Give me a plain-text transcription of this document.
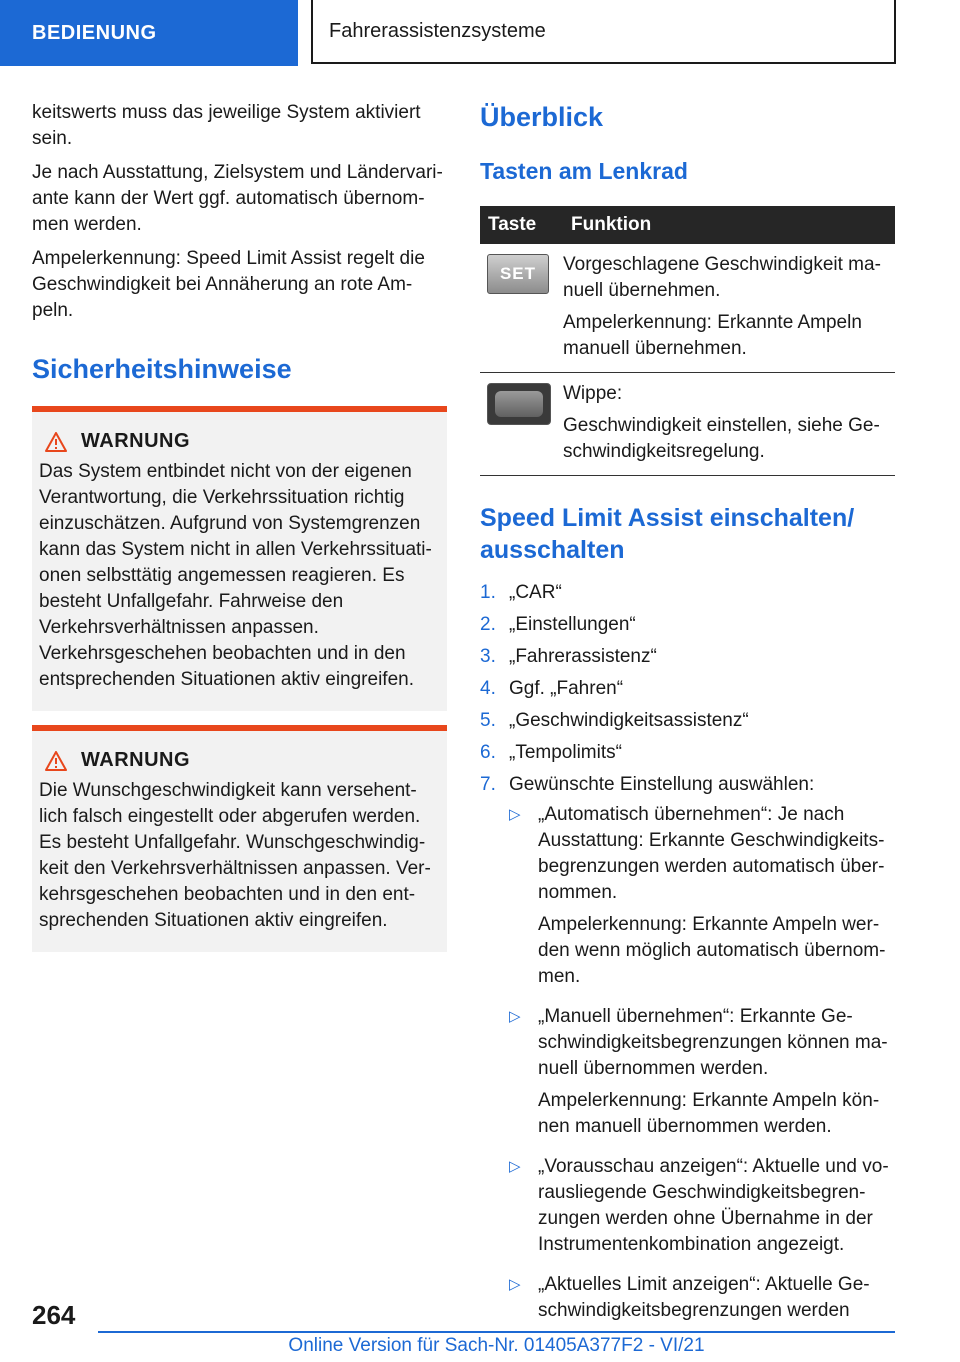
BEDIENUNG	Fahrerassistenzsysteme

keitswerts muss das jeweilige System aktiviert sein.

Je nach Ausstattung, Zielsystem und Ländervariante kann der Wert ggf. automatisch übernommen werden.

Ampelerkennung: Speed Limit Assist regelt die Geschwindigkeit bei Annäherung an rote Ampeln.

Sicherheitshinweise
WARNUNG

Das System entbindet nicht von der eigenen Verantwortung, die Verkehrssituation richtig einzuschätzen. Aufgrund von Systemgrenzen kann das System nicht in allen Verkehrssituationen selbsttätig angemessen reagieren. Es besteht Unfallgefahr. Fahrweise den Verkehrsverhältnissen anpassen. Verkehrsgeschehen beobachten und in den entsprechenden Situationen aktiv eingreifen.

WARNUNG

Die Wunschgeschwindigkeit kann versehentlich falsch eingestellt oder abgerufen werden. Es besteht Unfallgefahr. Wunschgeschwindigkeit den Verkehrsverhältnissen anpassen. Verkehrsgeschehen beobachten und in den entsprechenden Situationen aktiv eingreifen.

Überblick
Tasten am Lenkrad
Taste	Funktion

SET	Vorgeschlagene Geschwindigkeit manuell übernehmen.

Ampelerkennung: Erkannte Ampeln manuell übernehmen.

	Wippe:

Geschwindigkeit einstellen, siehe Geschwindigkeitsregelung.

Speed Limit Assist einschalten/ ausschalten
1. „CAR“
2. „Einstellungen“
3. „Fahrerassistenz“
4. Ggf. „Fahren“
5. „Geschwindigkeitsassistenz“
6. „Tempolimits“
7. Gewünschte Einstellung auswählen:
▷ „Automatisch übernehmen“: Je nach Ausstattung: Erkannte Geschwindigkeitsbegrenzungen werden automatisch übernommen.

Ampelerkennung: Erkannte Ampeln werden wenn möglich automatisch übernommen.

▷ „Manuell übernehmen“: Erkannte Geschwindigkeitsbegrenzungen können manuell übernommen werden.

Ampelerkennung: Erkannte Ampeln können manuell übernommen werden.

▷ „Vorausschau anzeigen“: Aktuelle und vorausliegende Geschwindigkeitsbegrenzungen werden ohne Übernahme in der Instrumentenkombination angezeigt.

▷ „Aktuelles Limit anzeigen“: Aktuelle Geschwindigkeitsbegrenzungen werden

264
Online Version für Sach-Nr. 01405A377F2 - VI/21
